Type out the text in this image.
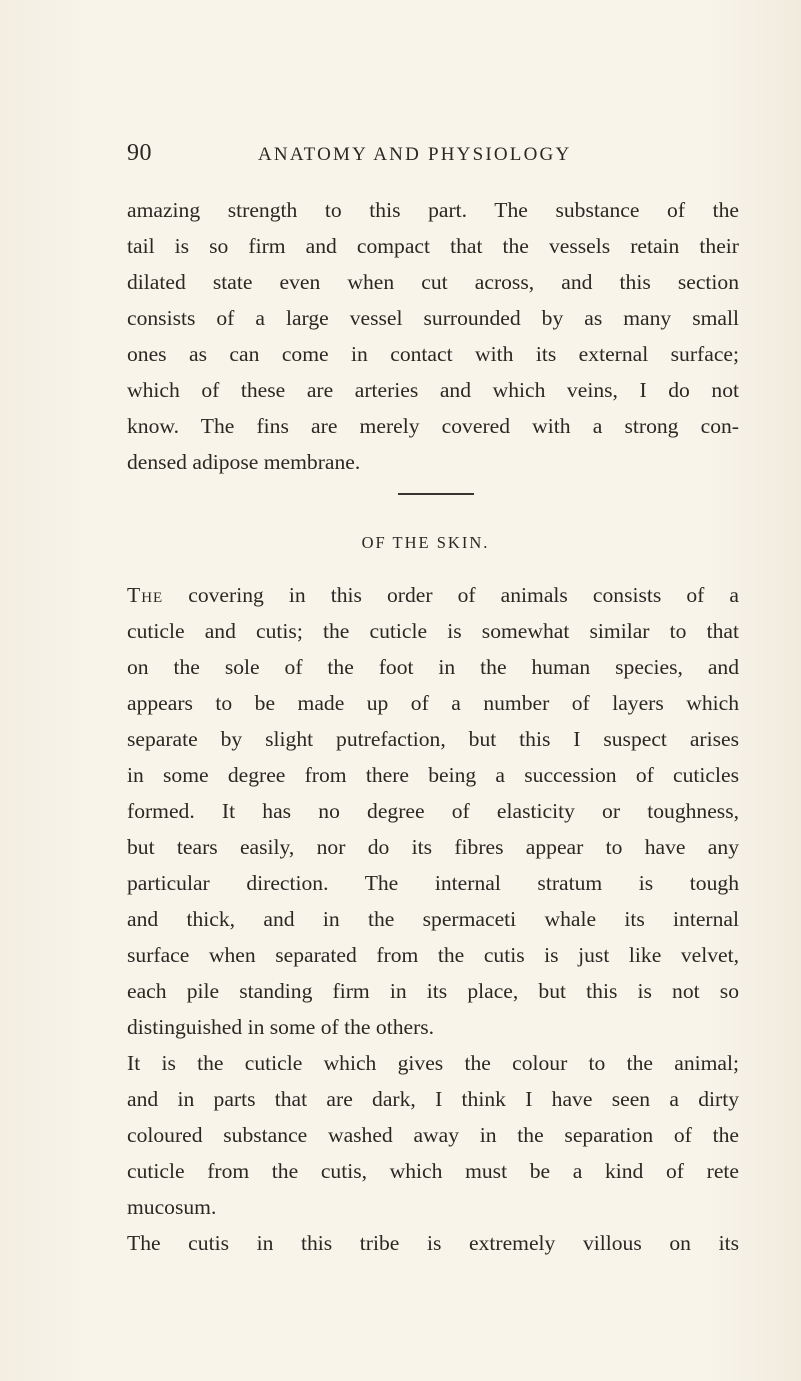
90	ANATOMY AND PHYSIOLOGY
amazing strength to this part. The substance of the
tail is so firm and compact that the vessels retain their
dilated state even when cut across, and this section
consists of a large vessel surrounded by as many small
ones as can come in contact with its external surface;
which of these are arteries and which veins, I do not
know. The fins are merely covered with a strong con-
densed adipose membrane.
OF THE SKIN.
The covering in this order of animals consists of a
cuticle and cutis; the cuticle is somewhat similar to that
on the sole of the foot in the human species, and
appears to be made up of a number of layers which
separate by slight putrefaction, but this I suspect arises
in some degree from there being a succession of cuticles
formed. It has no degree of elasticity or toughness,
but tears easily, nor do its fibres appear to have any
particular direction. The internal stratum is tough
and thick, and in the spermaceti whale its internal
surface when separated from the cutis is just like velvet,
each pile standing firm in its place, but this is not so
distinguished in some of the others.
It is the cuticle which gives the colour to the animal;
and in parts that are dark, I think I have seen a dirty
coloured substance washed away in the separation of the
cuticle from the cutis, which must be a kind of rete
mucosum.
The cutis in this tribe is extremely villous on its
